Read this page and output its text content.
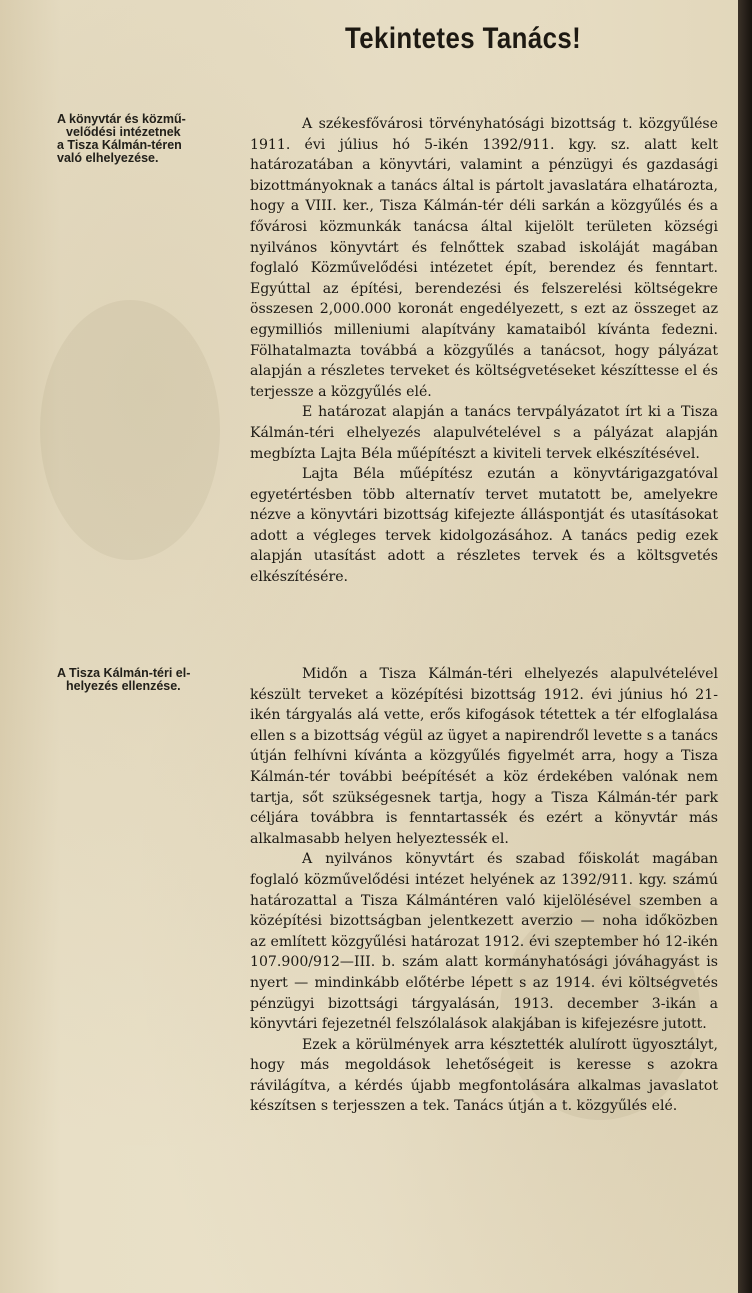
Tekintetes Tanács!
A könyvtár és közmű-
velődési intézetnek
a Tisza Kálmán-téren
való elhelyezése.
A Tisza Kálmán-téri el-
helyezés ellenzése.

A székesfővárosi törvényhatósági bizottság t. közgyűlése 1911. évi július hó 5-ikén 1392/911. kgy. sz. alatt kelt határozatában a könyvtári, valamint a pénzügyi és gazdasági bizottmányoknak a tanács által is pártolt javaslatára elhatározta, hogy a VIII. ker., Tisza Kálmán-tér déli sarkán a közgyűlés és a fővárosi közmunkák tanácsa által kijelölt területen községi nyilvános könyvtárt és felnőttek szabad iskoláját magában foglaló Közművelődési intézetet épít, berendez és fenntart. Egyúttal az építési, berendezési és felszerelési költségekre összesen 2,000.000 koronát engedélyezett, s ezt az összeget az egymilliós milleniumi alapítvány kamataiból kívánta fedezni. Fölhatalmazta továbbá a közgyűlés a tanácsot, hogy pályázat alapján a részletes terveket és költségvetéseket készíttesse el és terjessze a közgyűlés elé.

E határozat alapján a tanács tervpályázatot írt ki a Tisza Kálmán-téri elhelyezés alapulvételével s a pályázat alapján megbízta Lajta Béla műépítészt a kiviteli tervek elkészítésével.

Lajta Béla műépítész ezután a könyvtárigazgatóval egyetértésben több alternatív tervet mutatott be, amelyekre nézve a könyvtári bizottság kifejezte álláspontját és utasításokat adott a végleges tervek kidolgozásához. A tanács pedig ezek alapján utasítást adott a részletes tervek és a költsgvetés elkészítésére.

Midőn a Tisza Kálmán-téri elhelyezés alapulvételével készült terveket a középítési bizottság 1912. évi június hó 21-ikén tárgyalás alá vette, erős kifogások tétettek a tér elfoglalása ellen s a bizottság végül az ügyet a napirendről levette s a tanács útján felhívni kívánta a közgyűlés figyelmét arra, hogy a Tisza Kálmán-tér további beépítését a köz érdekében valónak nem tartja, sőt szükségesnek tartja, hogy a Tisza Kálmán-tér park céljára továbbra is fenntartassék és ezért a könyvtár más alkalmasabb helyen helyeztessék el.

A nyilvános könyvtárt és szabad főiskolát magában foglaló közművelődési intézet helyének az 1392/911. kgy. számú határozattal a Tisza Kálmántéren való kijelölésével szemben a középítési bizottságban jelentkezett averzio — noha időközben az említett közgyűlési határozat 1912. évi szeptember hó 12-ikén 107.900/912—III. b. szám alatt kormányhatósági jóváhagyást is nyert — mindinkább előtérbe lépett s az 1914. évi költségvetés pénzügyi bizottsági tárgyalásán, 1913. december 3-ikán a könyvtári fejezetnél felszólalások alakjában is kifejezésre jutott.

Ezek a körülmények arra késztették alulírott ügyosztályt, hogy más megoldások lehetőségeit is keresse s azokra rávilágítva, a kérdés újabb megfontolására alkalmas javaslatot készítsen s terjesszen a tek. Tanács útján a t. közgyűlés elé.
